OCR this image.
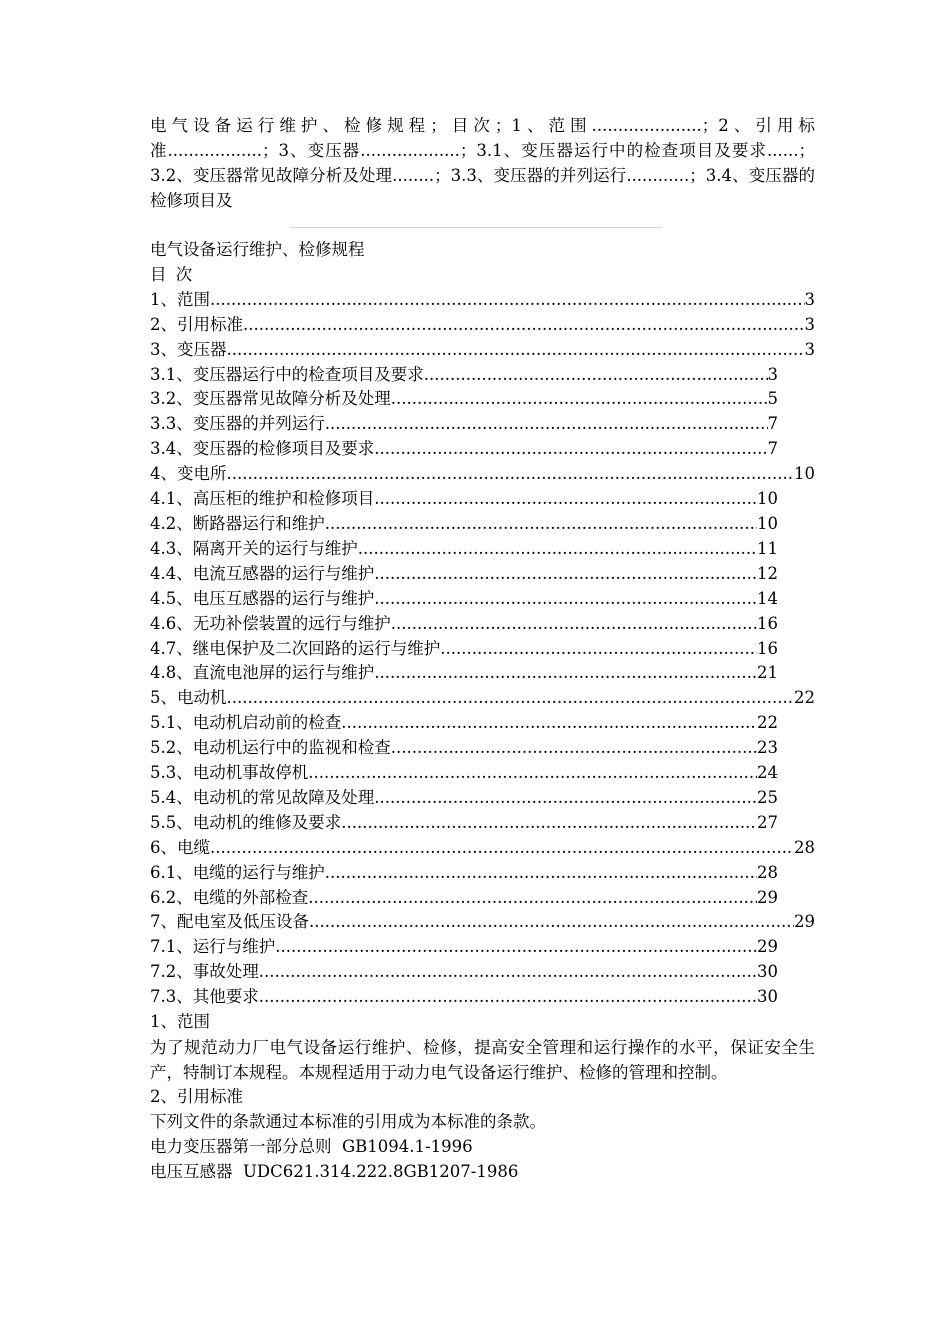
电气设备运行维护、检修规程；目次；1、范围.....................；2、引用标准..................；3、变压器...................；3.1、变压器运行中的检查项目及要求......；3.2、变压器常见故障分析及处理........；3.3、变压器的并列运行............；3.4、变压器的检修项目及

电气设备运行维护、检修规程

目 次

1、范围 .....	3
2、引用标准 .....	3
3、变压器 .....	3
3.1、变压器运行中的检查项目及要求 .....	3
3.2、变压器常见故障分析及处理 .....	5
3.3、变压器的并列运行 .....	7
3.4、变压器的检修项目及要求 .....	7
4、变电所 .....	10
4.1、高压柜的维护和检修项目 .....	10
4.2、断路器运行和维护 .....	10
4.3、隔离开关的运行与维护 .....	11
4.4、电流互感器的运行与维护 .....	12
4.5、电压互感器的运行与维护 .....	14
4.6、无功补偿装置的远行与维护 .....	16
4.7、继电保护及二次回路的运行与维护 .....	16
4.8、直流电池屏的运行与维护 .....	21
5、电动机 .....	22
5.1、电动机启动前的检查 .....	22
5.2、电动机运行中的监视和检查 .....	23
5.3、电动机事故停机 .....	24
5.4、电动机的常见故障及处理 .....	25
5.5、电动机的维修及要求 .....	27
6、电缆 .....	28
6.1、电缆的运行与维护 .....	28
6.2、电缆的外部检查 .....	29
7、配电室及低压设备 .....	29
7.1、运行与维护 .....	29
7.2、事故处理 .....	30
7.3、其他要求 .....	30

1、范围

为了规范动力厂电气设备运行维护、检修，提高安全管理和运行操作的水平，保证安全生产，特制订本规程。本规程适用于动力电气设备运行维护、检修的管理和控制。

2、引用标准

下列文件的条款通过本标准的引用成为本标准的条款。

电力变压器第一部分总则  GB1094.1-1996

电压互感器  UDC621.314.222.8GB1207-1986
